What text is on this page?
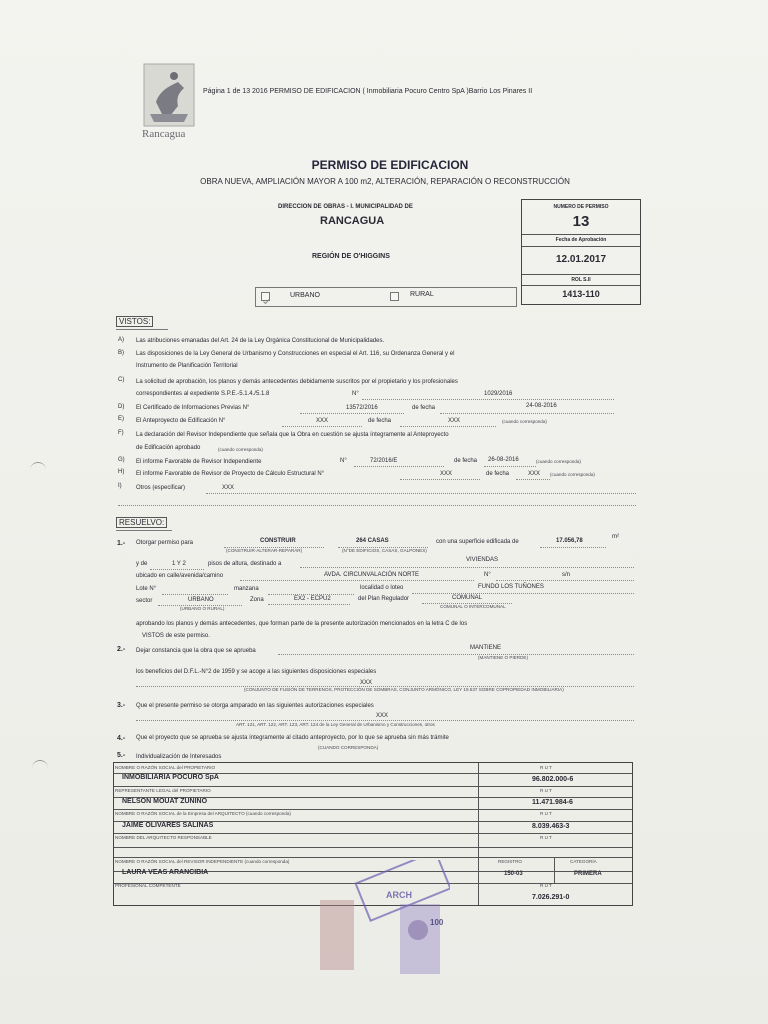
Rancagua
Página 1 de 13 2016 PERMISO DE EDIFICACION ( Inmobiliaria Pocuro Centro SpA )Barrio Los Pinares II
PERMISO DE EDIFICACION
OBRA NUEVA, AMPLIACIÓN MAYOR A 100 m2, ALTERACIÓN, REPARACIÓN O RECONSTRUCCIÓN
DIRECCION DE OBRAS - I. MUNICIPALIDAD DE
RANCAGUA
REGIÓN DE O'HIGGINS
NUMERO DE PERMISO
13
Fecha de Aprobación
12.01.2017
ROL S.II
1413-110
URBANO	RURAL
VISTOS:
A) Las atribuciones emanadas del Art. 24 de la Ley Orgánica Constitucional de Municipalidades.
B) Las disposiciones de la Ley General de Urbanismo y Construcciones en especial el Art. 116, su Ordenanza General y el
Instrumento de Planificación Territorial
C) La solicitud de aprobación, los planos y demás antecedentes debidamente suscritos por el propietario y los profesionales
correspondientes al expediente S.P.E.-5.1.4./5.1.8	N°	1029/2016
D) El Certificado de Informaciones Previas N°	13572/2016	de fecha	24-08-2016
E) El Anteproyecto de Edificación N°	XXX	de fecha	XXX	(cuando corresponda)
F) La declaración del Revisor Independiente que señala que la Obra en cuestión se ajusta íntegramente al Anteproyecto
de Edificación aprobado	(cuando corresponda)
G) El informe Favorable de Revisor Independiente	N°	72/2016/E	de fecha 26-08-2016	(cuando corresponda)
H) El informe Favorable de Revisor de Proyecto de Cálculo Estructural N°	XXX	de fecha	XXX (cuando corresponda)
I) Otros (especificar)	XXX
RESUELVO:
1.- Otorgar permiso para	CONSTRUIR
(CONSTRUIR-ALTERAR-REPARAR)
264 CASAS
(N°DE EDIFICIOS, CASAS, GALPONES)
con una superficie edificada de	17.056,78
m²
y de	1 Y 2	pisos de altura, destinado a
VIVIENDAS
ubicado en calle/avenida/camino	AVDA. CIRCUNVALACIÓN NORTE	N°	s/n
Lote N°	manzana	localidad o loteo	FUNDO LOS TUÑONES
sector	URBANO
(URBANO O RURAL)
Zona	EX2 - ECPU2	del Plan Regulador	COMUNAL
COMUNAL O INTERCOMUNAL
aprobando los planos y demás antecedentes, que forman parte de la presente autorización mencionados en la letra C de los
VISTOS de este permiso.
2.- Dejar constancia que la obra que se aprueba	MANTIENE
(MANTIENE O PIERDE)
los beneficios del D.F.L.-N°2 de 1959 y se acoge a las siguientes disposiciones especiales
(CONJUNTO DE FUSIÓN DE TERRENOS, PROTECCIÓN DE SOMBRAS, CONJUNTO ARMÓNICO, LEY 19.537 SOBRE COPROPIEDAD INMOBILIARIA)
XXX
3.- Que el presente permiso se otorga amparado en las siguientes autorizaciones especiales
XXX
ART. 121, ART. 122, ART. 123, ART. 124 de la Ley General de Urbanismo y Construcciones, otros
4.- Que el proyecto que se aprueba se ajusta íntegramente al citado anteproyecto, por lo que se aprueba sin más trámite
(CUANDO CORRESPONDA)
5.- Individualización de Interesados
NOMBRE O RAZÓN SOCIAL del PROPIETARIO
INMOBILIARIA POCURO SpA
R U T
96.802.000-6
REPRESENTANTE LEGAL del PROPIETARIO	R U T
NELSON MOUAT ZUNINO	11.471.984-6
NOMBRE O RAZÓN SOCIAL de la Empresa del ARQUITECTO (cuando corresponda)	R U T
JAIME OLIVARES SALINAS	8.039.463-3
NOMBRE DEL ARQUITECTO RESPONSABLE	R U T
NOMBRE O RAZÓN SOCIAL del REVISOR INDEPENDIENTE (cuando corresponda)	REGISTRO	CATEGORÍA
LAURA VEAS ARANCIBIA	150-03	PRIMERA
PROFESIONAL COMPETENTE	R U T
7.026.291-0
ARCH
100
